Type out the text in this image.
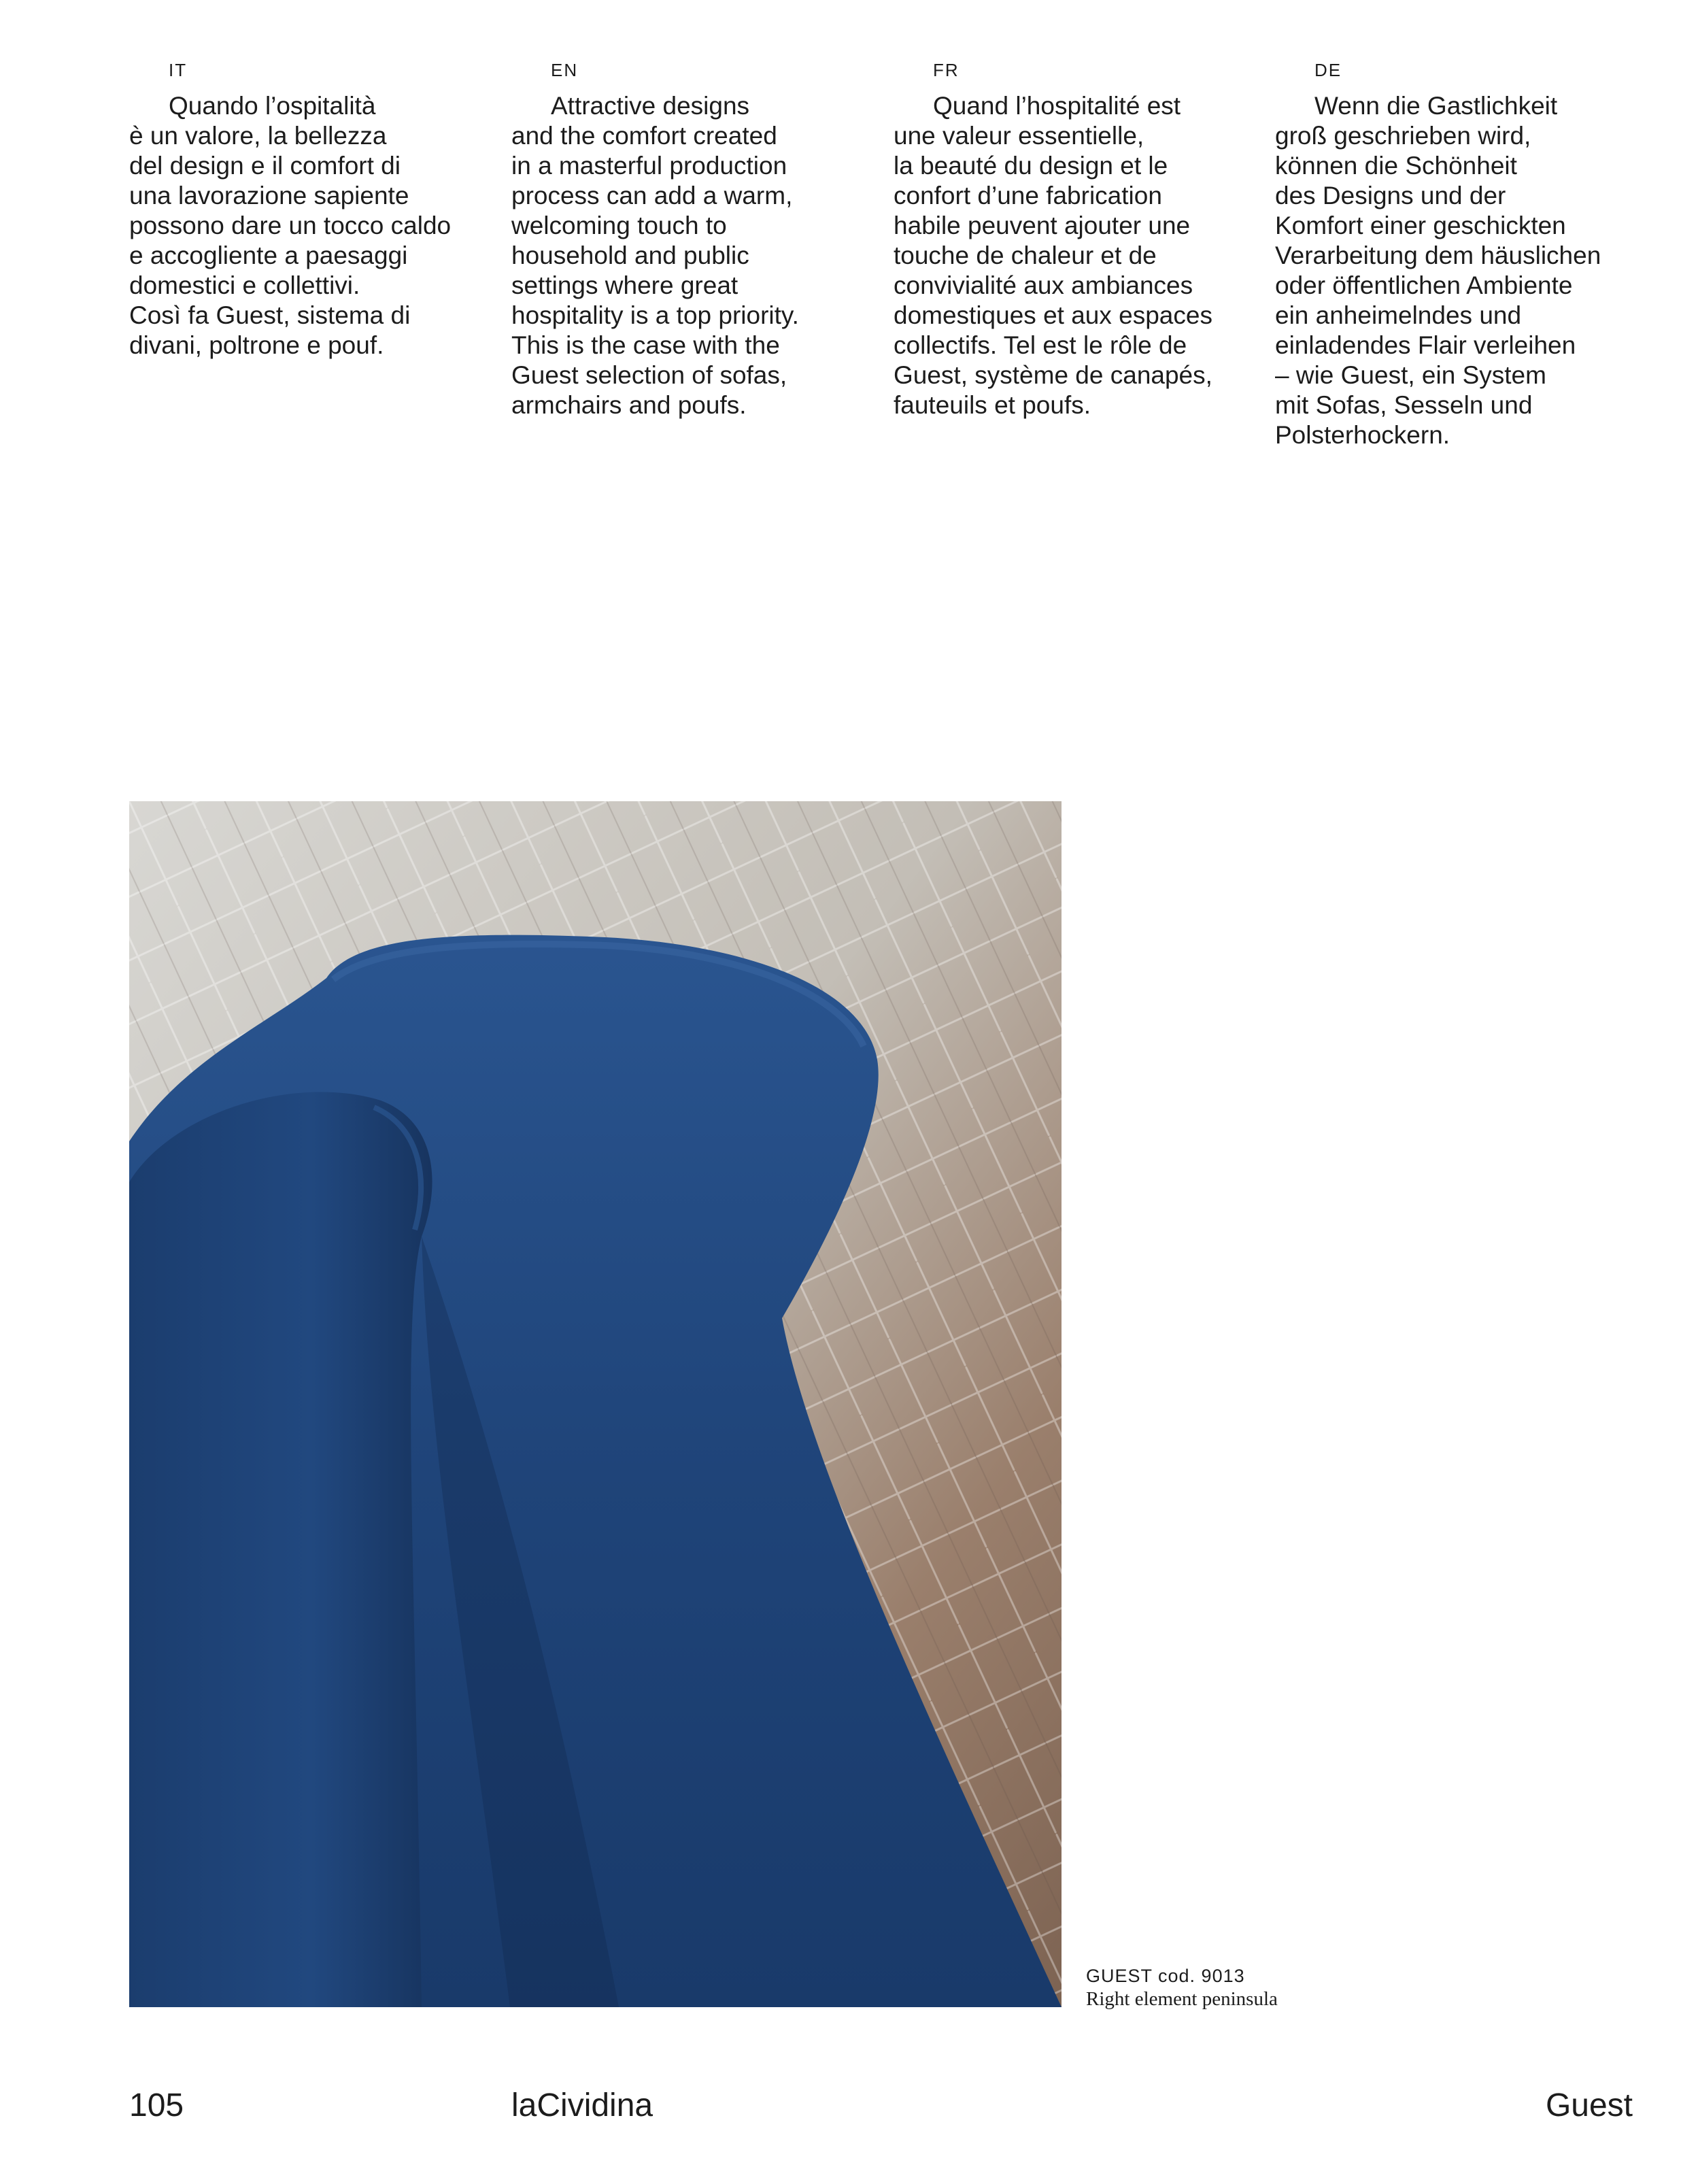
IT
Quando l’ospitalità
è un valore, la bellezza
del design e il comfort di
una lavorazione sapiente
possono dare un tocco caldo
e accogliente a paesaggi
domestici e collettivi.
Così fa Guest, sistema di
divani, poltrone e pouf.
EN
Attractive designs
and the comfort created
in a masterful production
process can add a warm,
welcoming touch to
household and public
settings where great
hospitality is a top priority.
This is the case with the
Guest selection of sofas,
armchairs and poufs.
FR
Quand l’hospitalité est
une valeur essentielle,
la beauté du design et le
confort d’une fabrication
habile peuvent ajouter une
touche de chaleur et de
convivialité aux ambiances
domestiques et aux espaces
collectifs. Tel est le rôle de
Guest, système de canapés,
fauteuils et poufs.
DE
Wenn die Gastlichkeit
groß geschrieben wird,
können die Schönheit
des Designs und der
Komfort einer geschickten
Verarbeitung dem häuslichen
oder öffentlichen Ambiente
ein anheimelndes und
einladendes Flair verleihen
– wie Guest, ein System
mit Sofas, Sesseln und
Polsterhockern.
GUEST cod. 9013
Right element peninsula
105	laCividina	Guest
